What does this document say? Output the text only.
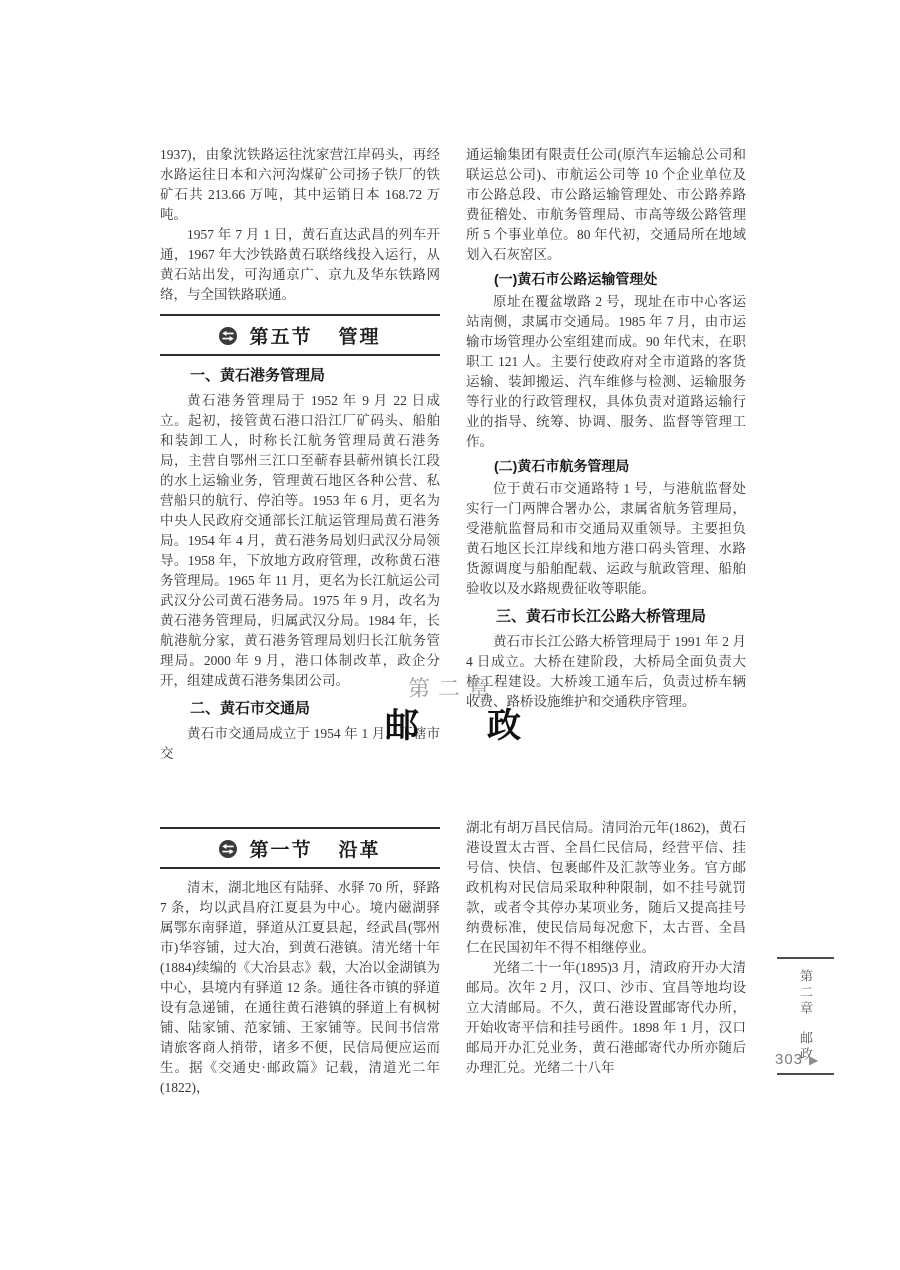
1937)，由象沈铁路运往沈家营江岸码头，再经水路运往日本和六河沟煤矿公司扬子铁厂的铁矿石共 213.66 万吨，其中运销日本 168.72 万吨。

1957 年 7 月 1 日，黄石直达武昌的列车开通，1967 年大沙铁路黄石联络线投入运行，从黄石站出发，可沟通京广、京九及华东铁路网络，与全国铁路联通。

第五节 管理
一、黄石港务管理局

黄石港务管理局于 1952 年 9 月 22 日成立。起初，接管黄石港口沿江厂矿码头、船舶和装卸工人，时称长江航务管理局黄石港务局，主营自鄂州三江口至蕲春县蕲州镇长江段的水上运输业务，管理黄石地区各种公营、私营船只的航行、停泊等。1953 年 6 月，更名为中央人民政府交通部长江航运管理局黄石港务局。1954 年 4 月，黄石港务局划归武汉分局领导。1958 年，下放地方政府管理，改称黄石港务管理局。1965 年 11 月，更名为长江航运公司武汉分公司黄石港务局。1975 年 9 月，改名为黄石港务管理局，归属武汉分局。1984 年，长航港航分家，黄石港务管理局划归长江航务管理局。2000 年 9 月，港口体制改革，政企分开，组建成黄石港务集团公司。

二、黄石市交通局

黄石市交通局成立于 1954 年 1 月。下辖市交

通运输集团有限责任公司(原汽车运输总公司和联运总公司)、市航运公司等 10 个企业单位及市公路总段、市公路运输管理处、市公路养路费征稽处、市航务管理局、市高等级公路管理所 5 个事业单位。80 年代初，交通局所在地域划入石灰窑区。

(一)黄石市公路运输管理处

原址在覆盆墩路 2 号，现址在市中心客运站南侧，隶属市交通局。1985 年 7 月，由市运输市场管理办公室组建而成。90 年代末，在职职工 121 人。主要行使政府对全市道路的客货运输、装卸搬运、汽车维修与检测、运输服务等行业的行政管理权，具体负责对道路运输行业的指导、统筹、协调、服务、监督等管理工作。

(二)黄石市航务管理局

位于黄石市交通路特 1 号，与港航监督处实行一门两牌合署办公，隶属省航务管理局，受港航监督局和市交通局双重领导。主要担负黄石地区长江岸线和地方港口码头管理、水路货源调度与船舶配载、运政与航政管理、船舶验收以及水路规费征收等职能。

三、黄石市长江公路大桥管理局

黄石市长江公路大桥管理局于 1991 年 2 月 4 日成立。大桥在建阶段，大桥局全面负责大桥工程建设。大桥竣工通车后，负责过桥车辆收费、路桥设施维护和交通秩序管理。

第二章
邮　　政
第一节 沿革

清末，湖北地区有陆驿、水驿 70 所，驿路 7 条，均以武昌府江夏县为中心。境内磁湖驿属鄂东南驿道，驿道从江夏县起，经武昌(鄂州市)华容铺，过大冶，到黄石港镇。清光绪十年(1884)续编的《大冶县志》载，大冶以金湖镇为中心，县境内有驿道 12 条。通往各市镇的驿道设有急递铺，在通往黄石港镇的驿道上有枫树铺、陆家铺、范家铺、王家铺等。民间书信常请旅客商人捎带，诸多不便，民信局便应运而生。据《交通史·邮政篇》记载，清道光二年(1822)，

湖北有胡万昌民信局。清同治元年(1862)，黄石港设置太古晋、全昌仁民信局，经营平信、挂号信、快信、包裹邮件及汇款等业务。官方邮政机构对民信局采取种种限制，如不挂号就罚款，或者令其停办某项业务，随后又提高挂号纳费标准，使民信局每况愈下，太古晋、全昌仁在民国初年不得不相继停业。

光绪二十一年(1895)3 月，清政府开办大清邮局。次年 2 月，汉口、沙市、宜昌等地均设立大清邮局。不久，黄石港设置邮寄代办所，开始收寄平信和挂号函件。1898 年 1 月，汉口邮局开办汇兑业务，黄石港邮寄代办所亦随后办理汇兑。光绪二十八年

第二章邮政
303 ▶
